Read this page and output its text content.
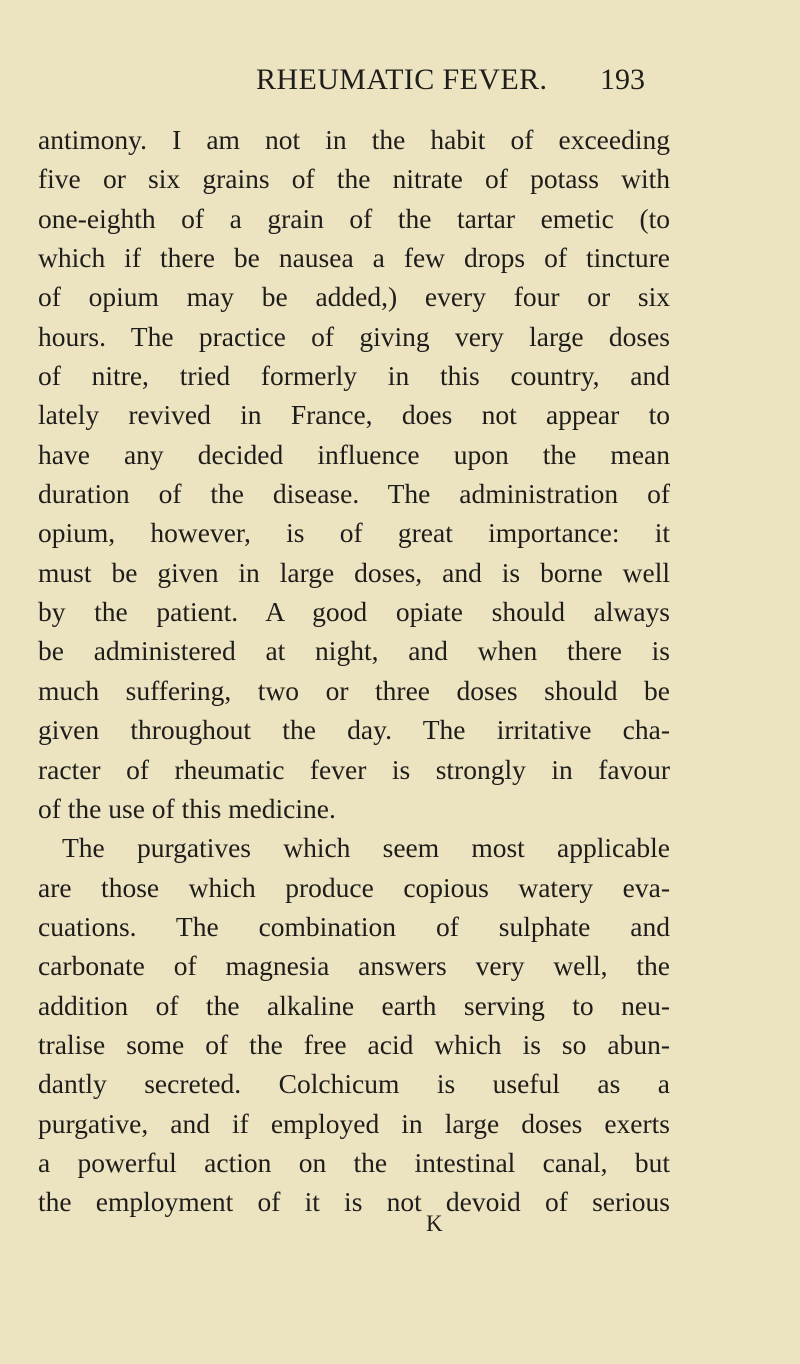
RHEUMATIC FEVER. 193
antimony. I am not in the habit of exceeding
five or six grains of the nitrate of potass with
one-eighth of a grain of the tartar emetic (to
which if there be nausea a few drops of tincture
of opium may be added,) every four or six
hours. The practice of giving very large doses
of nitre, tried formerly in this country, and
lately revived in France, does not appear to
have any decided influence upon the mean
duration of the disease. The administration of
opium, however, is of great importance: it
must be given in large doses, and is borne well
by the patient. A good opiate should always
be administered at night, and when there is
much suffering, two or three doses should be
given throughout the day. The irritative cha-
racter of rheumatic fever is strongly in favour
of the use of this medicine.
The purgatives which seem most applicable
are those which produce copious watery eva-
cuations. The combination of sulphate and
carbonate of magnesia answers very well, the
addition of the alkaline earth serving to neu-
tralise some of the free acid which is so abun-
dantly secreted. Colchicum is useful as a
purgative, and if employed in large doses exerts
a powerful action on the intestinal canal, but
the employment of it is not devoid of serious
K
